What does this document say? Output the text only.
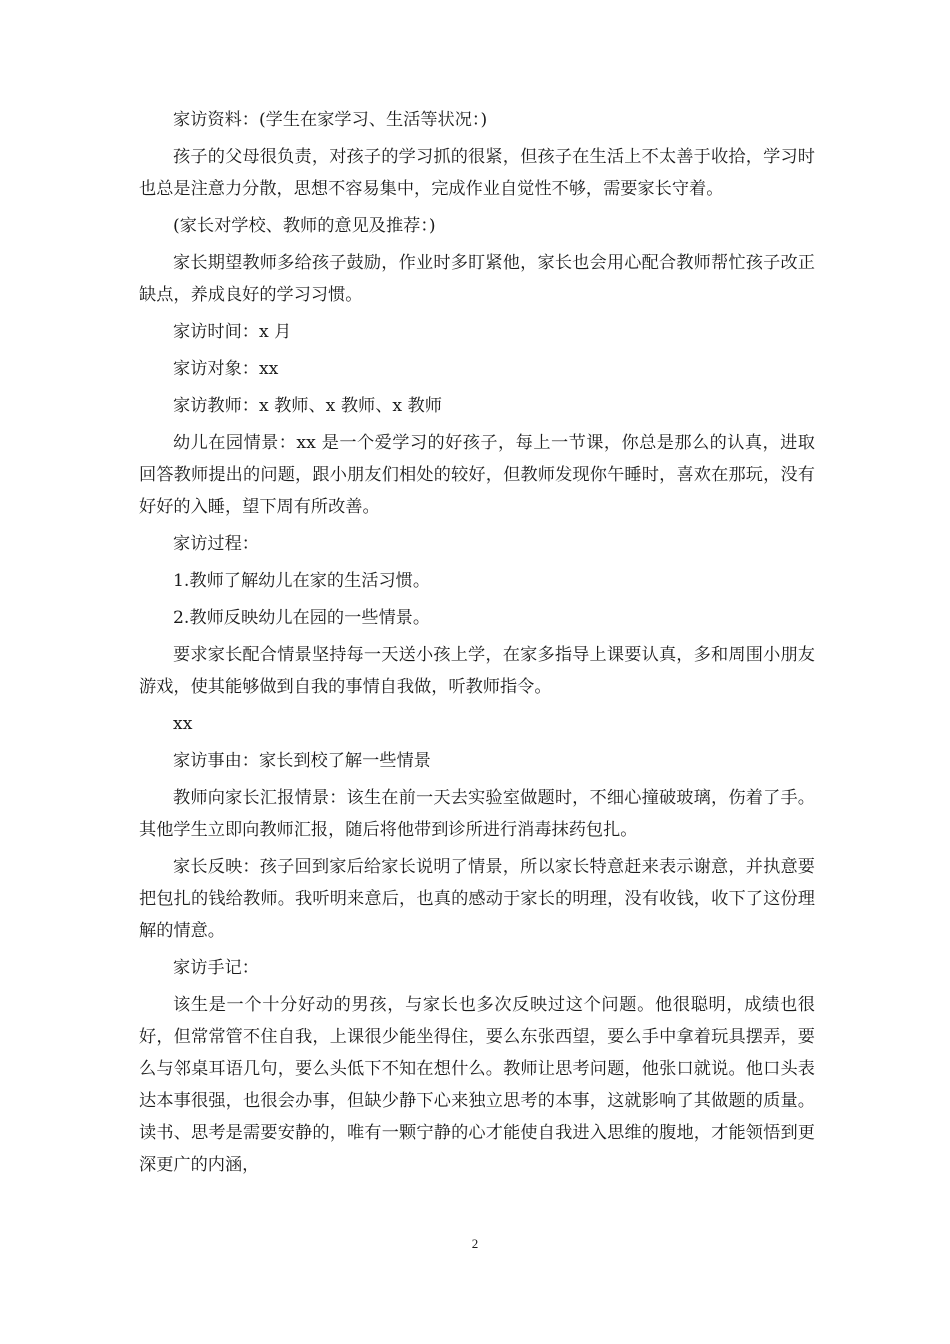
家访资料：(学生在家学习、生活等状况：)

孩子的父母很负责，对孩子的学习抓的很紧，但孩子在生活上不太善于收拾，学习时也总是注意力分散，思想不容易集中，完成作业自觉性不够，需要家长守着。

(家长对学校、教师的意见及推荐：)

家长期望教师多给孩子鼓励，作业时多盯紧他，家长也会用心配合教师帮忙孩子改正缺点，养成良好的学习习惯。

家访时间：x 月

家访对象：xx

家访教师：x 教师、x 教师、x 教师

幼儿在园情景：xx 是一个爱学习的好孩子，每上一节课，你总是那么的认真，进取回答教师提出的问题，跟小朋友们相处的较好，但教师发现你午睡时，喜欢在那玩，没有好好的入睡，望下周有所改善。

家访过程：

1.教师了解幼儿在家的生活习惯。

2.教师反映幼儿在园的一些情景。

要求家长配合情景坚持每一天送小孩上学，在家多指导上课要认真，多和周围小朋友游戏，使其能够做到自我的事情自我做，听教师指令。

xx

家访事由：家长到校了解一些情景

教师向家长汇报情景：该生在前一天去实验室做题时，不细心撞破玻璃，伤着了手。其他学生立即向教师汇报，随后将他带到诊所进行消毒抹药包扎。

家长反映：孩子回到家后给家长说明了情景，所以家长特意赶来表示谢意，并执意要把包扎的钱给教师。我听明来意后，也真的感动于家长的明理，没有收钱，收下了这份理解的情意。

家访手记：

该生是一个十分好动的男孩，与家长也多次反映过这个问题。他很聪明，成绩也很好，但常常管不住自我，上课很少能坐得住，要么东张西望，要么手中拿着玩具摆弄，要么与邻桌耳语几句，要么头低下不知在想什么。教师让思考问题，他张口就说。他口头表达本事很强，也很会办事，但缺少静下心来独立思考的本事，这就影响了其做题的质量。读书、思考是需要安静的，唯有一颗宁静的心才能使自我进入思维的腹地，才能领悟到更深更广的内涵，

2
